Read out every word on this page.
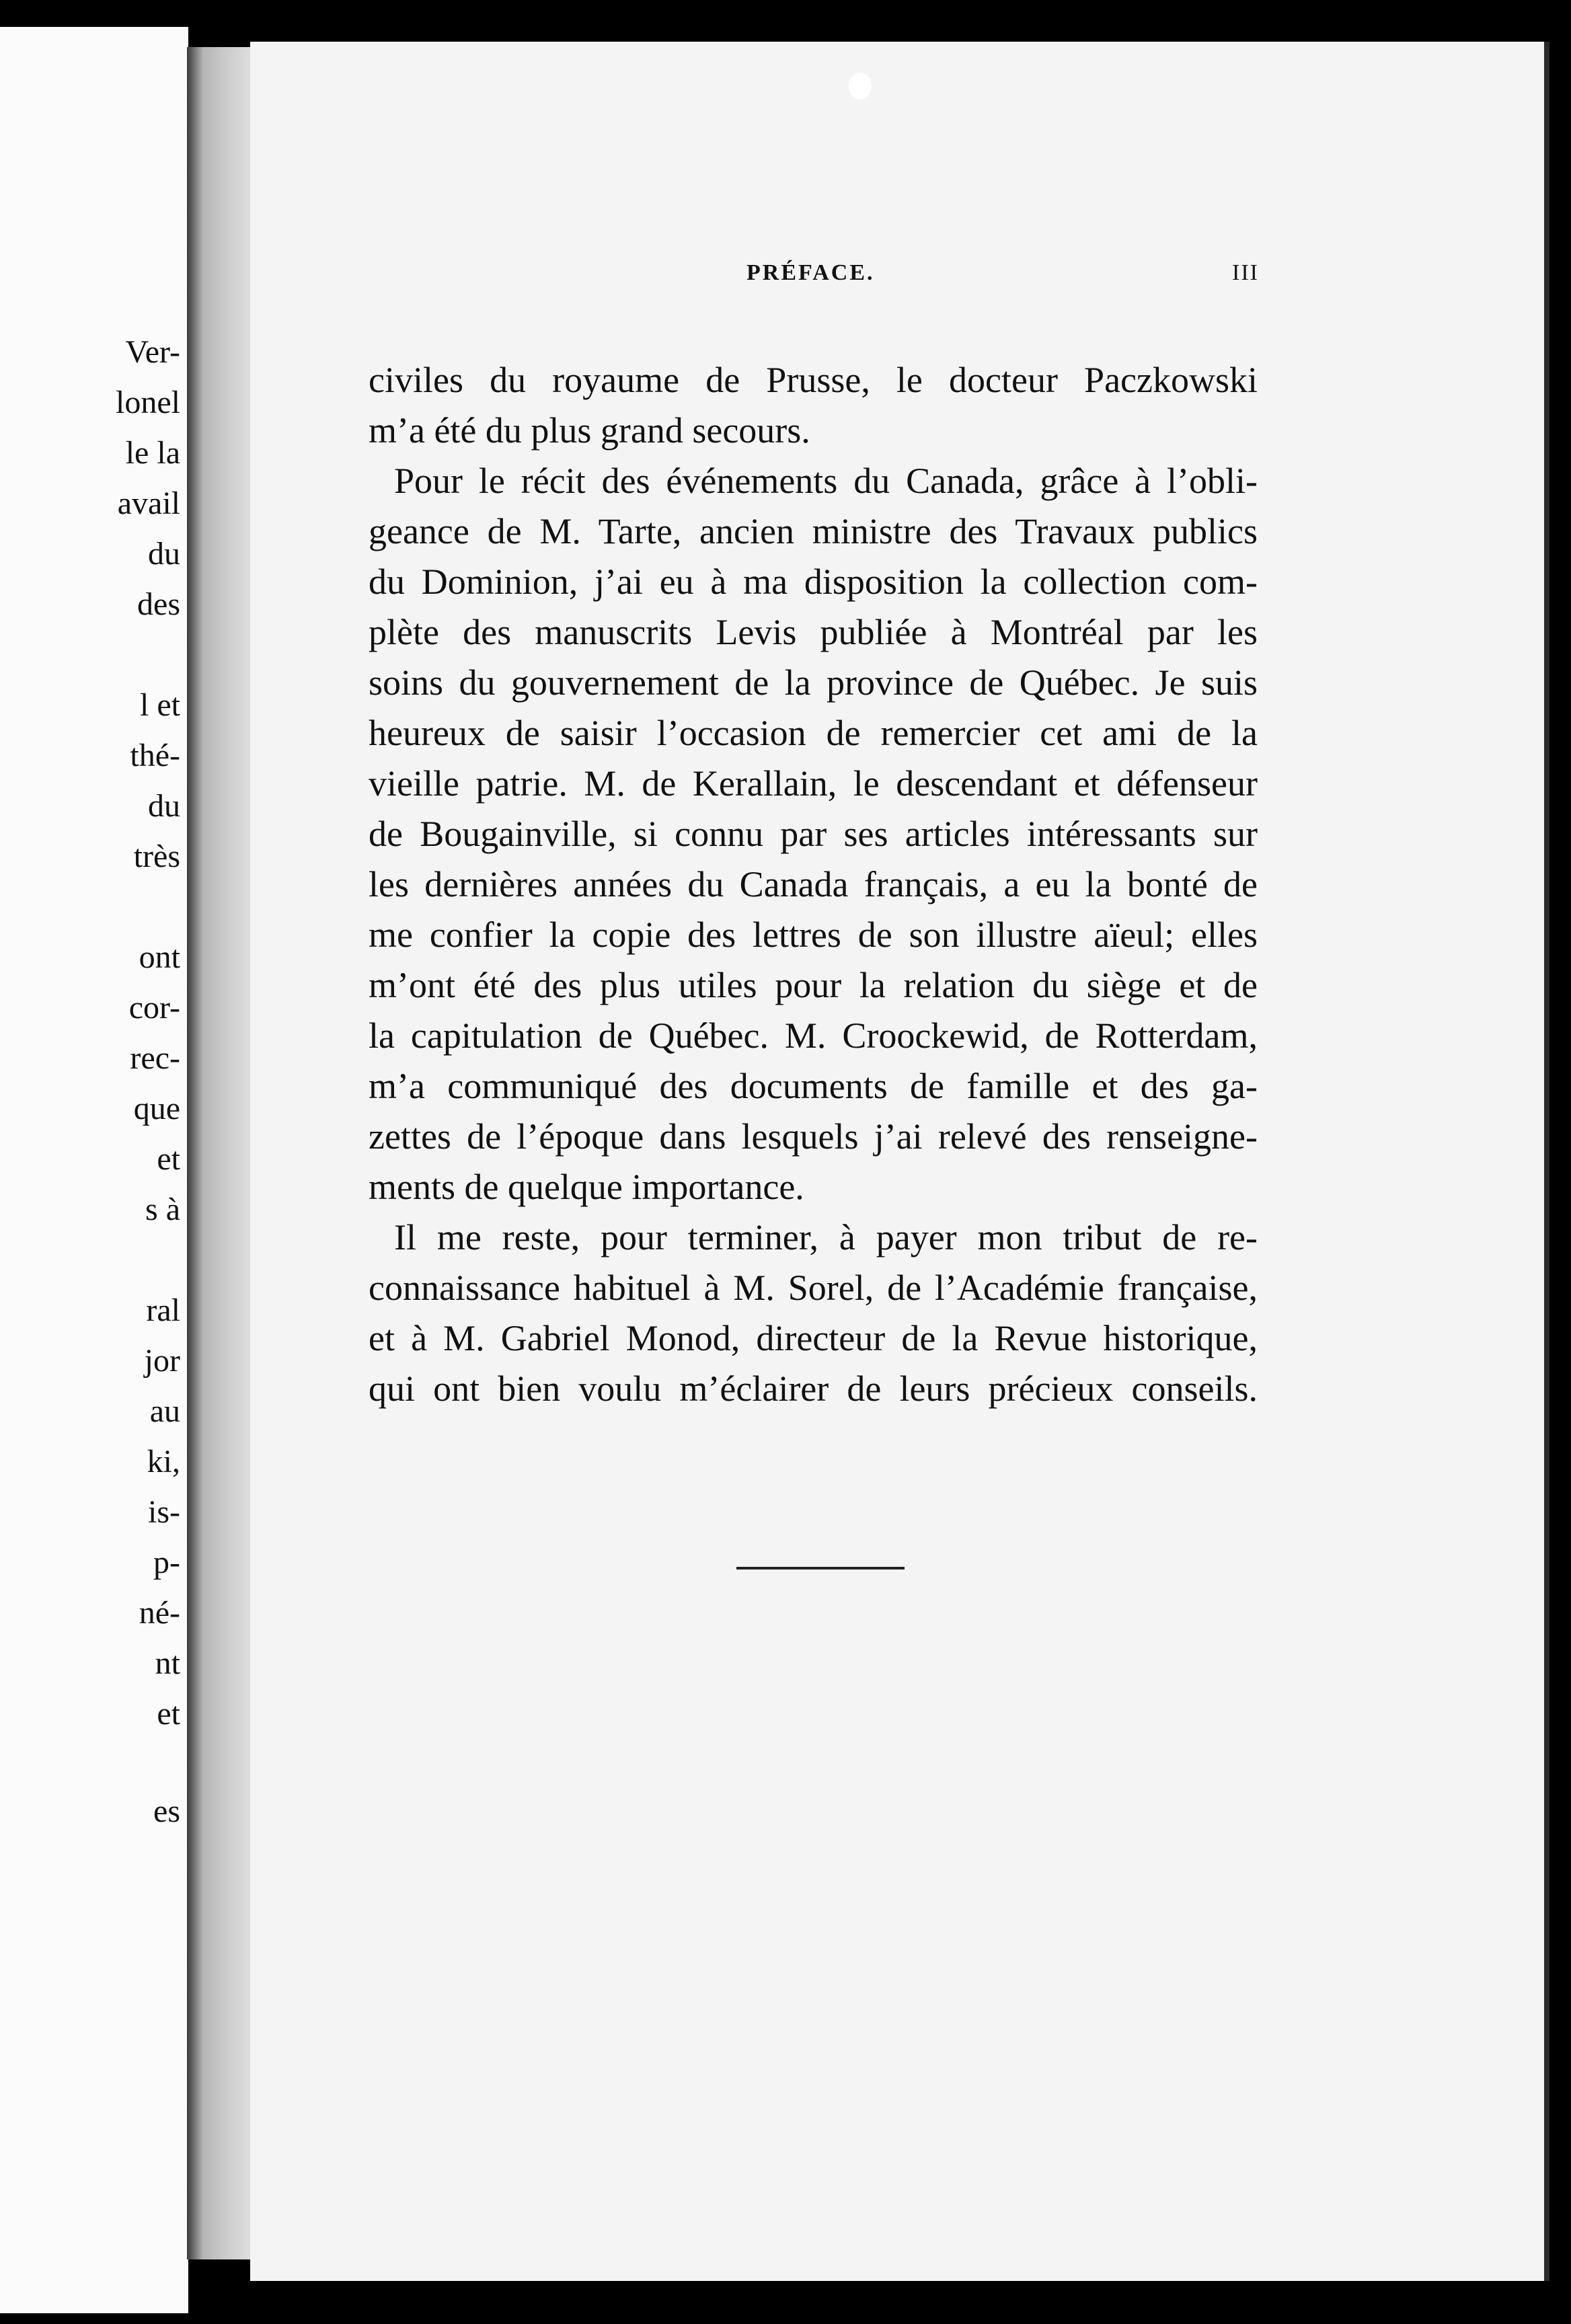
Ver-
lonel
le la
avail
du
des
l et
thé-
du
très
ont
cor-
rec-
que
et
s à
ral
jor
au
ki,
is-
p-
né-
nt
et
es
PRÉFACE.	III
civiles du royaume de Prusse, le docteur Paczkowski
m’a été du plus grand secours.
Pour le récit des événements du Canada, grâce à l’obli-
geance de M. Tarte, ancien ministre des Travaux publics
du Dominion, j’ai eu à ma disposition la collection com-
plète des manuscrits Levis publiée à Montréal par les
soins du gouvernement de la province de Québec. Je suis
heureux de saisir l’occasion de remercier cet ami de la
vieille patrie. M. de Kerallain, le descendant et défenseur
de Bougainville, si connu par ses articles intéressants sur
les dernières années du Canada français, a eu la bonté de
me confier la copie des lettres de son illustre aïeul; elles
m’ont été des plus utiles pour la relation du siège et de
la capitulation de Québec. M. Croockewid, de Rotterdam,
m’a communiqué des documents de famille et des ga-
zettes de l’époque dans lesquels j’ai relevé des renseigne-
ments de quelque importance.
Il me reste, pour terminer, à payer mon tribut de re-
connaissance habituel à M. Sorel, de l’Académie française,
et à M. Gabriel Monod, directeur de la Revue historique,
qui ont bien voulu m’éclairer de leurs précieux conseils.
